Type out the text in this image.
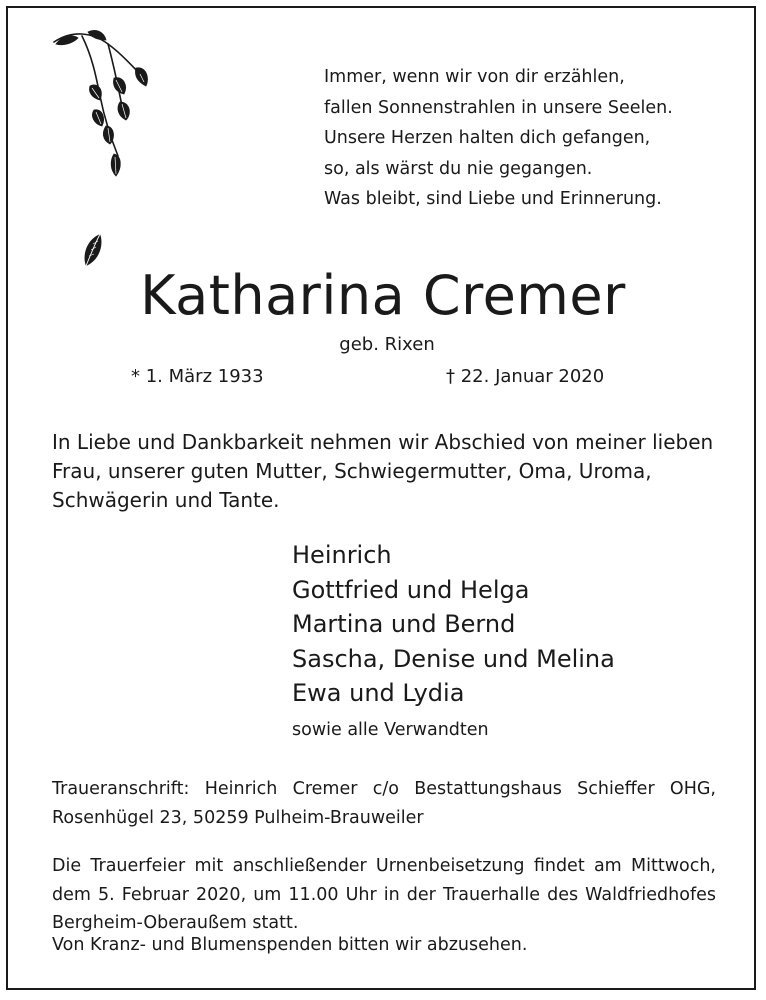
Immer, wenn wir von dir erzählen,
fallen Sonnenstrahlen in unsere Seelen.
Unsere Herzen halten dich gefangen,
so, als wärst du nie gegangen.
Was bleibt, sind Liebe und Erinnerung.
Katharina Cremer
geb. Rixen
* 1. März 1933	† 22. Januar 2020

In Liebe und Dankbarkeit nehmen wir Abschied von meiner lieben Frau, unserer guten Mutter, Schwiegermutter, Oma, Uroma, Schwägerin und Tante.

Heinrich
Gottfried und Helga
Martina und Bernd
Sascha, Denise und Melina
Ewa und Lydia
sowie alle Verwandten

Traueranschrift: Heinrich Cremer c/o Bestattungshaus Schieffer OHG, Rosenhügel 23, 50259 Pulheim-Brauweiler

Die Trauerfeier mit anschließender Urnenbeisetzung findet am Mittwoch, dem 5. Februar 2020, um 11.00 Uhr in der Trauerhalle des Waldfriedhofes Bergheim-Oberaußem statt.

Von Kranz- und Blumenspenden bitten wir abzusehen.
